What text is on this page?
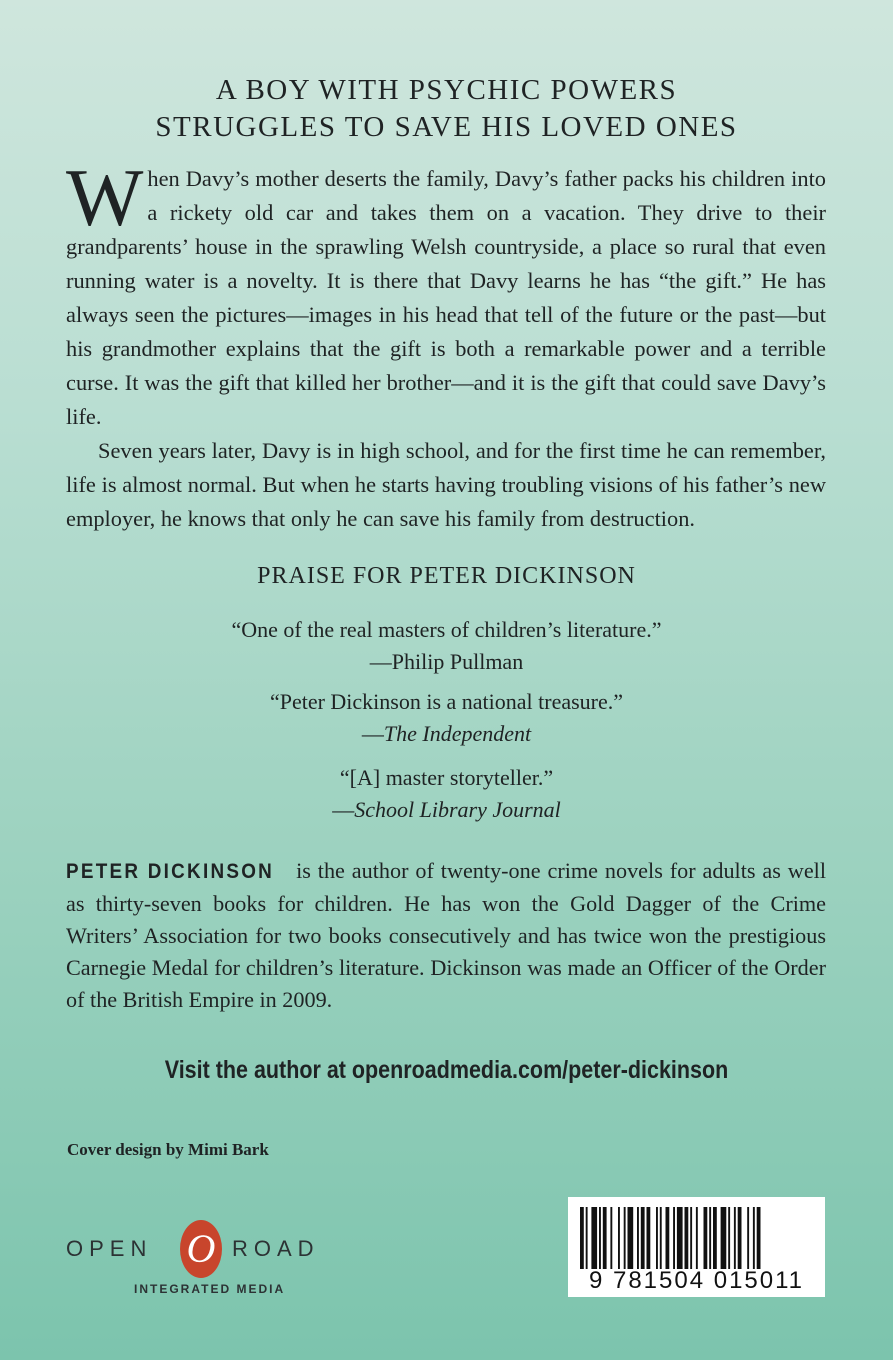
A BOY WITH PSYCHIC POWERS
STRUGGLES TO SAVE HIS LOVED ONES

When Davy’s mother deserts the family, Davy’s father packs his children into a rickety old car and takes them on a vacation. They drive to their grandparents’ house in the sprawling Welsh countryside, a place so rural that even running water is a novelty. It is there that Davy learns he has “the gift.” He has always seen the pictures—images in his head that tell of the future or the past—but his grandmother explains that the gift is both a remarkable power and a terrible curse. It was the gift that killed her brother—and it is the gift that could save Davy’s life.

Seven years later, Davy is in high school, and for the first time he can remember, life is almost normal. But when he starts having troubling visions of his father’s new employer, he knows that only he can save his family from destruction.

PRAISE FOR PETER DICKINSON
“One of the real masters of children’s literature.”
—Philip Pullman
“Peter Dickinson is a national treasure.”
—The Independent
“[A] master storyteller.”
—School Library Journal
PETER DICKINSON is the author of twenty-one crime novels for adults as well as thirty-seven books for children. He has won the Gold Dagger of the Crime Writers’ Association for two books consecutively and has twice won the prestigious Carnegie Medal for children’s literature. Dickinson was made an Officer of the Order of the British Empire in 2009.
Visit the author at openroadmedia.com/peter-dickinson
Cover design by Mimi Bark
OPEN O ROAD
INTEGRATED MEDIA	9 781504 015011
